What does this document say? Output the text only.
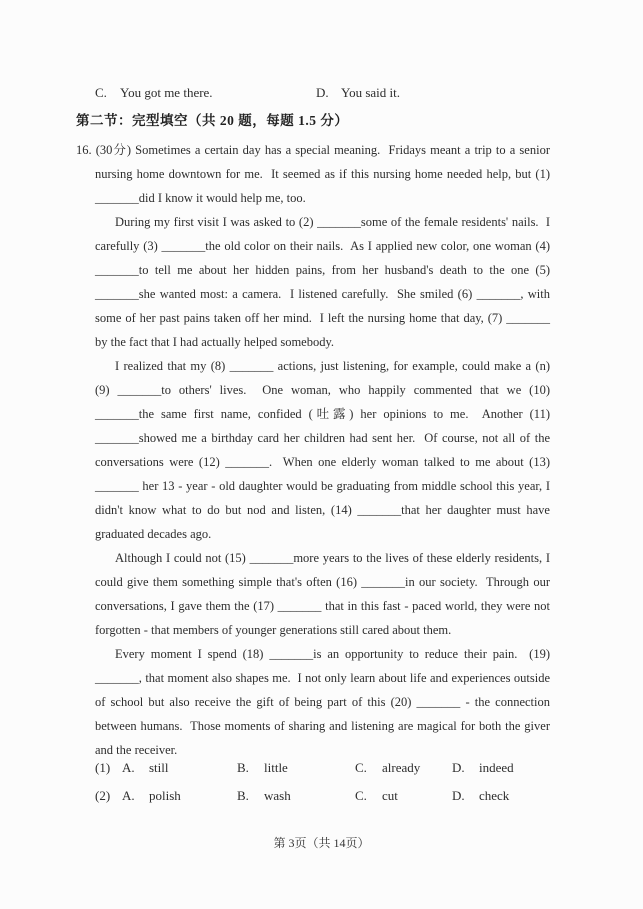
C.	You got me there.	D. You said it.
第二节：完型填空（共 20 题，每题 1.5 分）

16. (30分) Sometimes a certain day has a special meaning.  Fridays meant a trip to a senior nursing home downtown for me.  It seemed as if this nursing home needed help, but (1) _______did I know it would help me, too.

During my first visit I was asked to (2) _______some of the female residents' nails.  I carefully (3) _______the old color on their nails.  As I applied new color, one woman (4) _______to tell me about her hidden pains, from her husband's death to the one (5) _______she wanted most: a camera.  I listened carefully.  She smiled (6) _______, with some of her past pains taken off her mind.  I left the nursing home that day, (7) _______ by the fact that I had actually helped somebody.

I realized that my (8) _______ actions, just listening, for example, could make a (n) (9) _______to others' lives.  One woman, who happily commented that we (10) _______the same first name, confided (吐露) her opinions to me.  Another (11) _______showed me a birthday card her children had sent her.  Of course, not all of the conversations were (12) _______.  When one elderly woman talked to me about (13) _______ her 13 - year - old daughter would be graduating from middle school this year, I didn't know what to do but nod and listen, (14) _______that her daughter must have graduated decades ago.

Although I could not (15) _______more years to the lives of these elderly residents, I could give them something simple that's often (16) _______in our society.  Through our conversations, I gave them the (17) _______ that in this fast - paced world, they were not forgotten - that members of younger generations still cared about them.

Every moment I spend (18) _______is an opportunity to reduce their pain.  (19) _______, that moment also shapes me.  I not only learn about life and experiences outside of school but also receive the gift of being part of this (20) _______ - the connection between humans.  Those moments of sharing and listening are magical for both the giver and the receiver.

(1) A.	still	B.	little	C.	already D.	indeed
(2) A.	polish	B.	wash	C.	cut	D.	check
第 3页（共 14页）
